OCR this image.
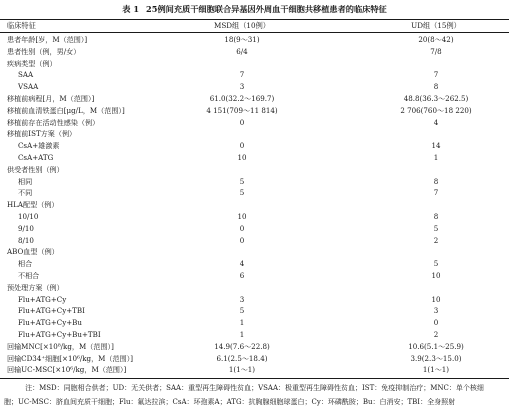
表 1 25例间充质干细胞联合异基因外周血干细胞共移植患者的临床特征
临床特征	MSD组（10例）	UD组（15例）
患者年龄[岁，M（范围）]	18(9～31)	20(8～42)
患者性别（例，男/女）	6/4	7/8
疾病类型（例）
SAA	7	7
VSAA	3	8
移植前病程[月，M（范围）]	61.0(32.2～169.7)	48.8(36.3～262.5)
移植前血清铁蛋白[μg/L，M（范围）]	4 151(709～11 814)	2 706(760～18 220)
移植前存在活动性感染（例）	0	4
移植前IST方案（例）
CsA+雄激素	0	14
CsA+ATG	10	1
供受者性别（例）
相同	5	8
不同	5	7
HLA配型（例）
10/10	10	8
9/10	0	5
8/10	0	2
ABO血型（例）
相合	4	5
不相合	6	10
预处理方案（例）
Flu+ATG+Cy	3	10
Flu+ATG+Cy+TBI	5	3
Flu+ATG+Cy+Bu	1	0
Flu+ATG+Cy+Bu+TBI	1	2
回输MNC[×10⁸/kg，M（范围）]	14.9(7.6～22.8)	10.6(5.1～25.9)
回输CD34⁺细胞[×10⁶/kg，M（范围）]	6.1(2.5～18.4)	3.9(2.3～15.0)
回输UC-MSC[×10⁶/kg，M（范围）]	1(1～1)	1(1～1)
注：MSD：同胞相合供者；UD：无关供者；SAA：重型再生障碍性贫血；VSAA：极重型再生障碍性贫血；IST：免疫抑制治疗；MNC：单个核细
胞；UC-MSC：脐血间充质干细胞；Flu：氟达拉滨；CsA：环孢素A；ATG：抗胸腺细胞球蛋白；Cy：环磷酰胺；Bu：白消安；TBI：全身照射
